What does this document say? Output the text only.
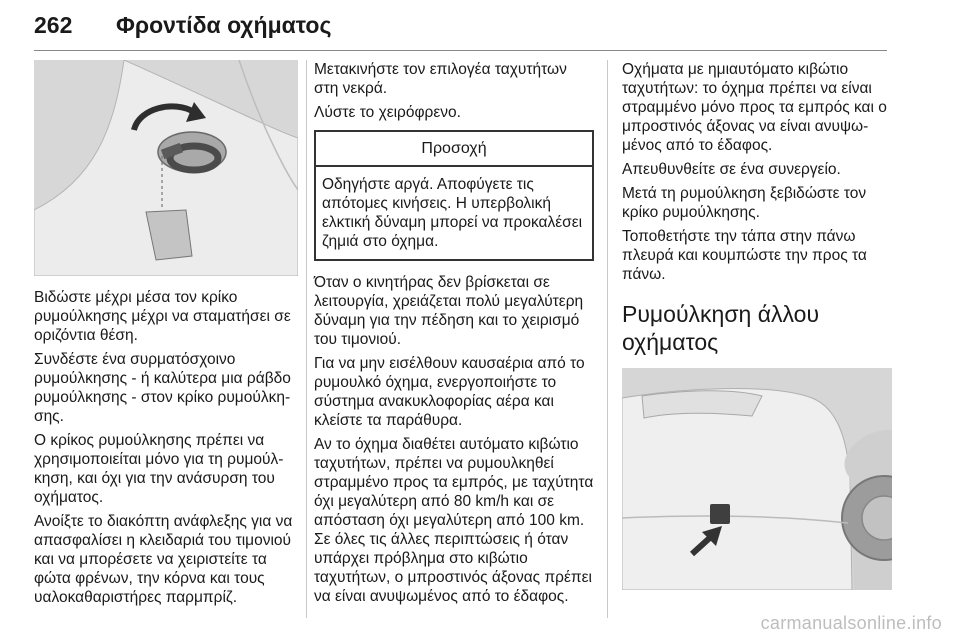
262 Φροντίδα οχήματος

Βιδώστε μέχρι μέσα τον κρίκο ρυμούλκησης μέχρι να σταματήσει σε οριζόντια θέση.

Συνδέστε ένα συρματόσχοινο ρυμούλκησης - ή καλύτερα μια ράβδο ρυμούλκησης - στον κρίκο ρυμούλκησης.

Ο κρίκος ρυμούλκησης πρέπει να χρησιμοποιείται μόνο για τη ρυμούλκηση, και όχι για την ανάσυρση του οχήματος.

Ανοίξτε το διακόπτη ανάφλεξης για να απασφαλίσει η κλειδαριά του τιμονιού και να μπορέσετε να χειριστείτε τα φώτα φρένων, την κόρνα και τους υαλοκαθαριστήρες παρμπρίζ.

Μετακινήστε τον επιλογέα ταχυτήτων στη νεκρά.

Λύστε το χειρόφρενο.

Προσοχή
Οδηγήστε αργά. Αποφύγετε τις απότομες κινήσεις. Η υπερβολική ελκτική δύναμη μπορεί να προκαλέσει ζημιά στο όχημα.

Όταν ο κινητήρας δεν βρίσκεται σε λειτουργία, χρειάζεται πολύ μεγαλύτερη δύναμη για την πέδηση και το χειρισμό του τιμονιού.

Για να μην εισέλθουν καυσαέρια από το ρυμουλκό όχημα, ενεργοποιήστε το σύστημα ανακυκλοφορίας αέρα και κλείστε τα παράθυρα.

Αν το όχημα διαθέτει αυτόματο κιβώτιο ταχυτήτων, πρέπει να ρυμουλκηθεί στραμμένο προς τα εμπρός, με ταχύτητα όχι μεγαλύτερη από 80 km/h και σε απόσταση όχι μεγαλύτερη από 100 km. Σε όλες τις άλλες περιπτώσεις ή όταν υπάρχει πρόβλημα στο κιβώτιο ταχυτήτων, ο μπροστινός άξονας πρέπει να είναι ανυψωμένος από το έδαφος.

Οχήματα με ημιαυτόματο κιβώτιο ταχυτήτων: το όχημα πρέπει να είναι στραμμένο μόνο προς τα εμπρός και ο μπροστινός άξονας να είναι ανυψωμένος από το έδαφος.

Απευθυνθείτε σε ένα συνεργείο.

Μετά τη ρυμούλκηση ξεβιδώστε τον κρίκο ρυμούλκησης.

Τοποθετήστε την τάπα στην πάνω πλευρά και κουμπώστε την προς τα πάνω.

Ρυμούλκηση άλλου οχήματος
carmanualsonline.info
